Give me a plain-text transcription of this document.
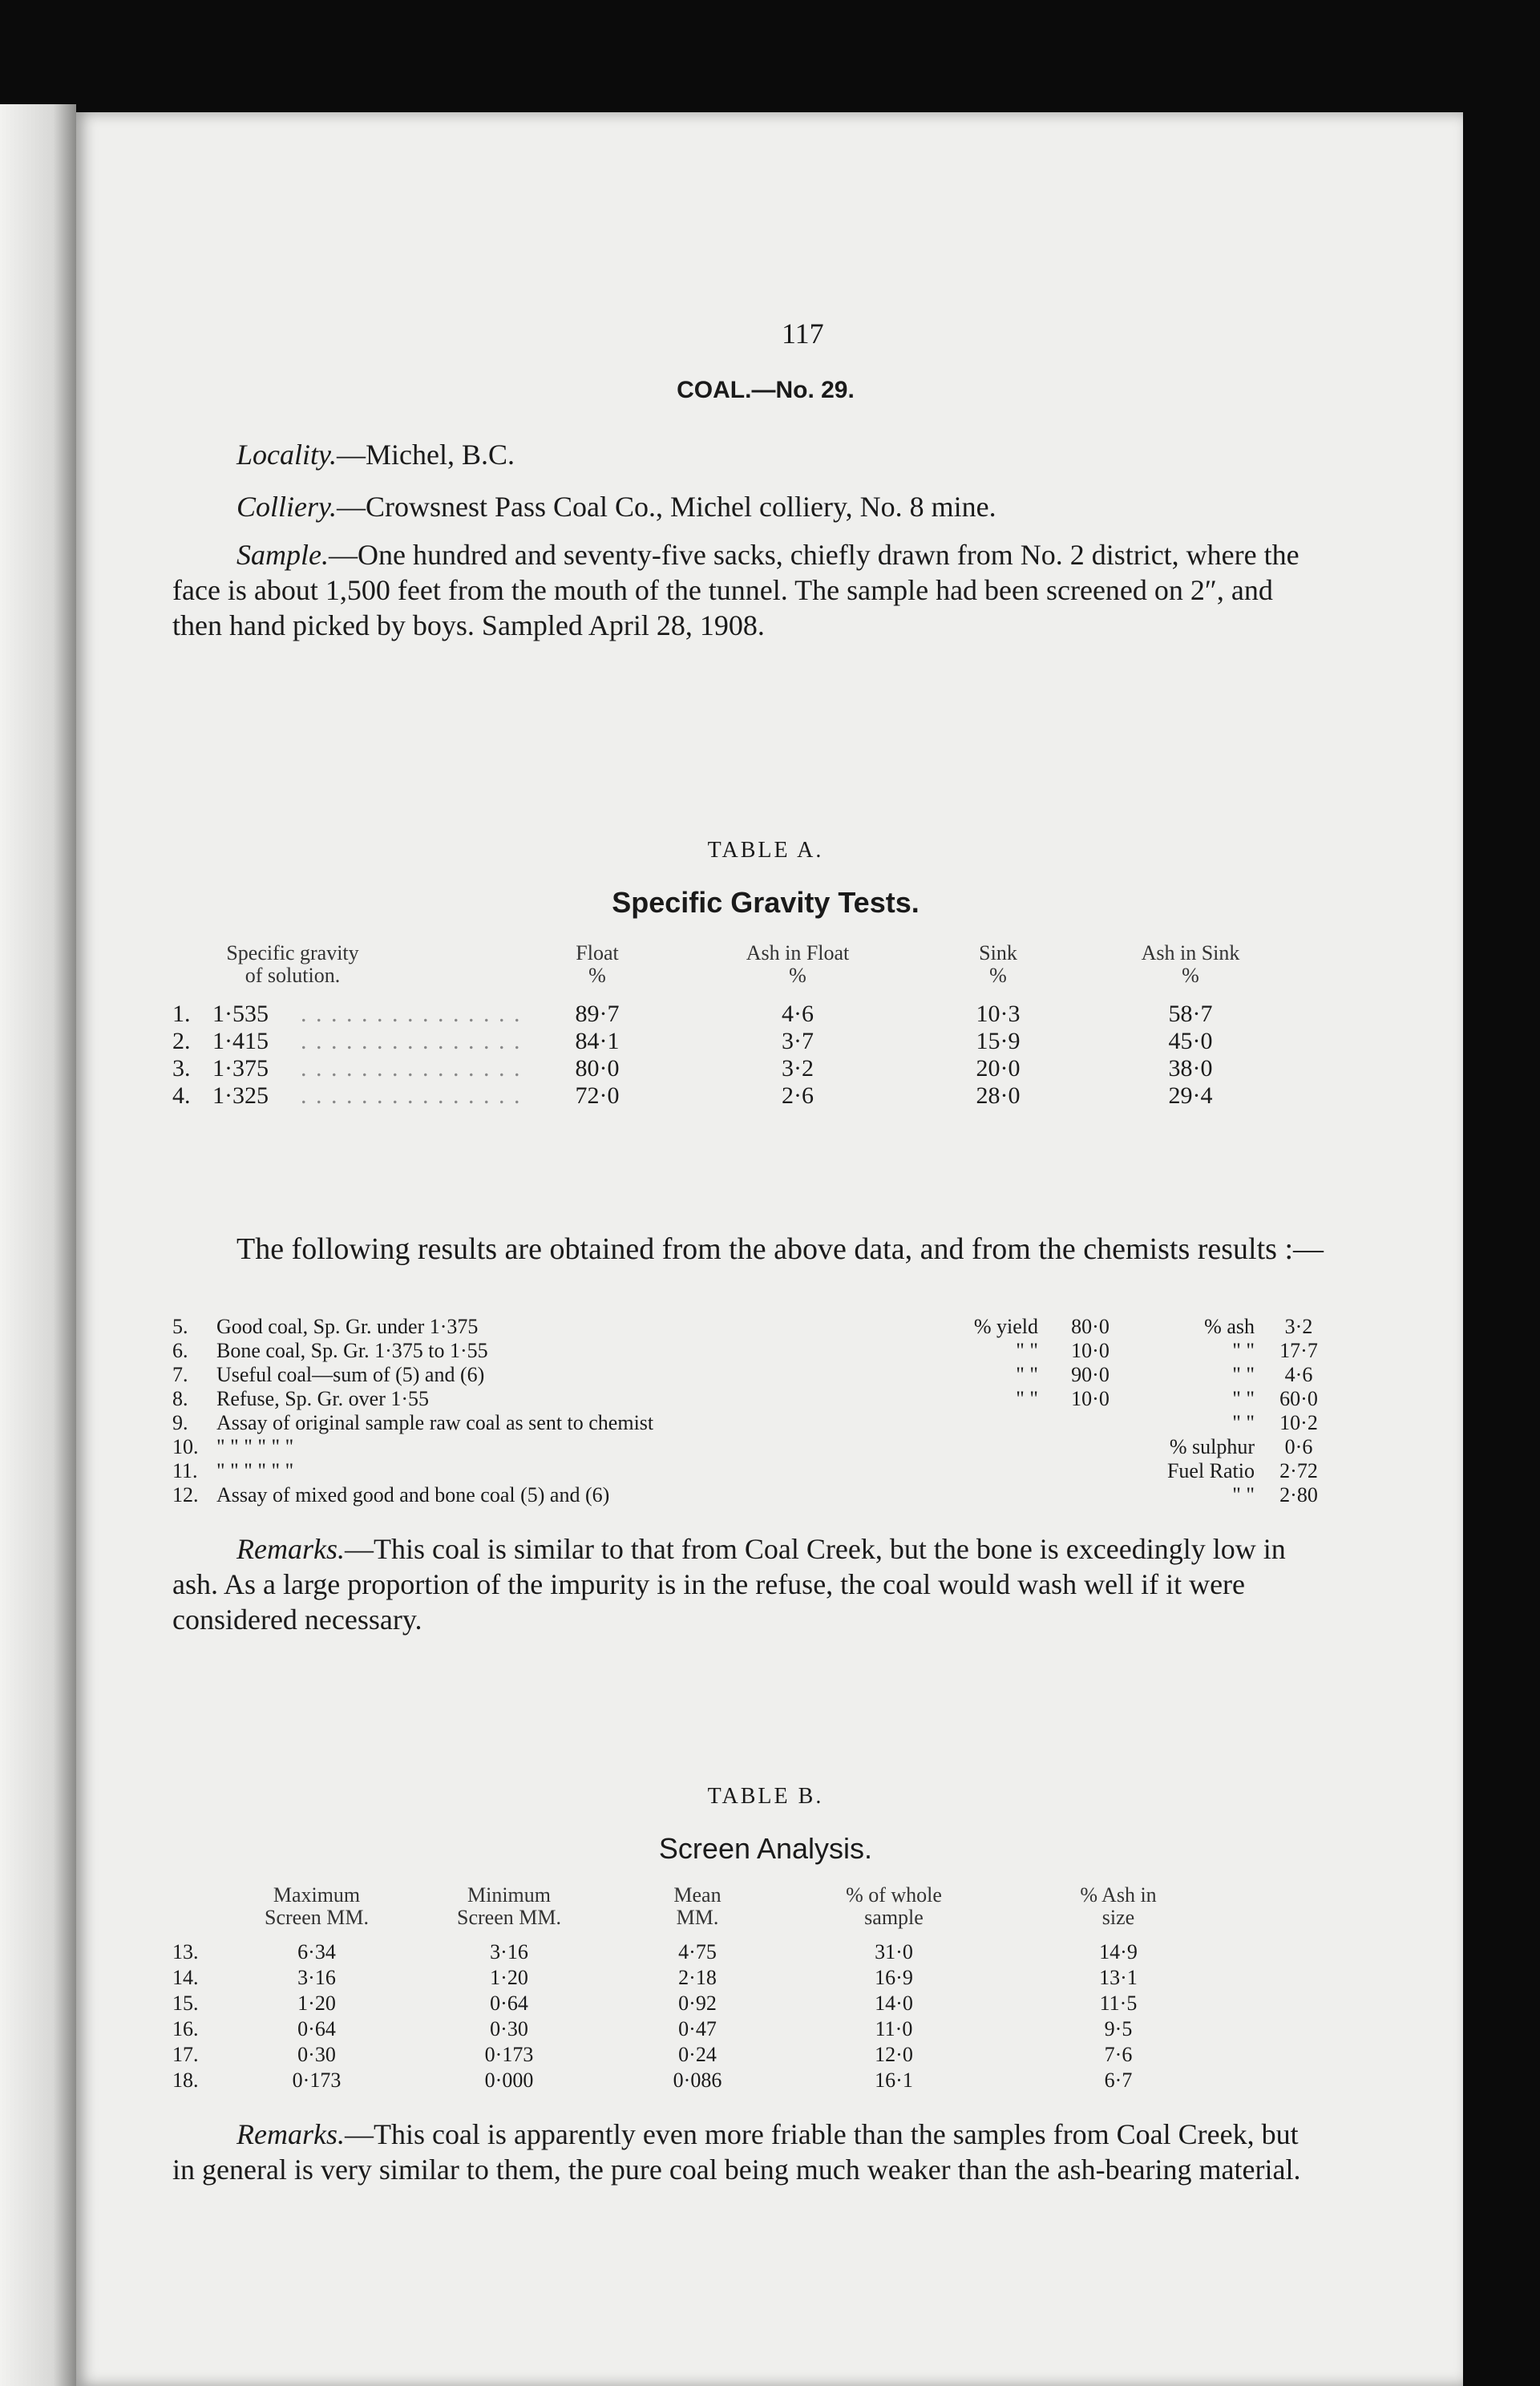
117
COAL.—No. 29.
Locality.—Michel, B.C.
Colliery.—Crowsnest Pass Coal Co., Michel colliery, No. 8 mine.
Sample.—One hundred and seventy-five sacks, chiefly drawn from No. 2 district, where the face is about 1,500 feet from the mouth of the tunnel. The sample had been screened on 2″, and then hand picked by boys. Sampled April 28, 1908.
TABLE A.
Specific Gravity Tests.
Specific gravity
of solution.
Float
%
Ash in Float
%
Sink
%
Ash in Sink
%
1. 1·535	89·7	4·6	10·3	58·7
. . . . . . . . . . . . . . .
2. 1·415	84·1	3·7	15·9	45·0
. . . . . . . . . . . . . . .
3. 1·375	80·0	3·2	20·0	38·0
. . . . . . . . . . . . . . .
4. 1·325	72·0	2·6	28·0	29·4
. . . . . . . . . . . . . . .
The following results are obtained from the above data, and from the chemists results :—
5.	Good coal, Sp. Gr. under 1·375	% yield	80·0	% ash	3·2
6.	Bone coal, Sp. Gr. 1·375 to 1·55	" "	10·0	" "	17·7
7.	Useful coal—sum of (5) and (6)	" "	90·0	" "	4·6
8.	Refuse, Sp. Gr. over 1·55	" "	10·0	" "	60·0
9.	Assay of original sample raw coal as sent to chemist	" "	10·2
10. " " " " " "	% sulphur	0·6
11. " " " " " "	Fuel Ratio	2·72
12. Assay of mixed good and bone coal (5) and (6)	" "	2·80
Remarks.—This coal is similar to that from Coal Creek, but the bone is exceedingly low in ash. As a large proportion of the impurity is in the refuse, the coal would wash well if it were considered necessary.
TABLE B.
Screen Analysis.
Maximum
Screen MM.
Minimum
Screen MM.
Mean
MM.
% of whole
sample
% Ash in
size
13.	6·34	3·16	4·75	31·0	14·9
14.	3·16	1·20	2·18	16·9	13·1
15.	1·20	0·64	0·92	14·0	11·5
16.	0·64	0·30	0·47	11·0	9·5
17.	0·30	0·173	0·24	12·0	7·6
18.	0·173	0·000	0·086	16·1	6·7
Remarks.—This coal is apparently even more friable than the samples from Coal Creek, but in general is very similar to them, the pure coal being much weaker than the ash-bearing material.
